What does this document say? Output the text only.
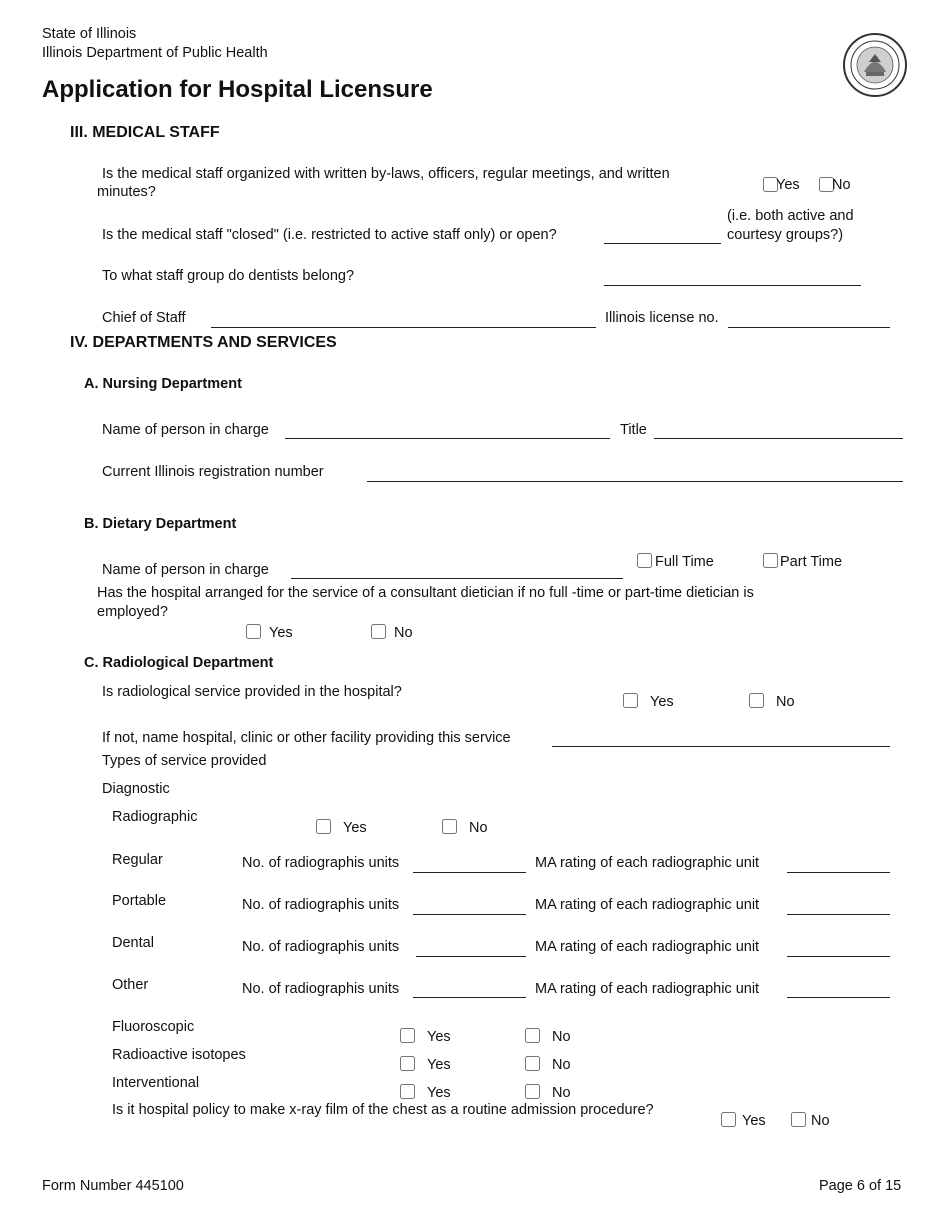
State of Illinois
Illinois Department of Public Health
Application for Hospital Licensure
III. MEDICAL STAFF
Is the medical staff organized with written by-laws, officers, regular meetings, and written
minutes?	Yes No
Is the medical staff "closed" (i.e. restricted to active staff only) or open?
(i.e. both active and
courtesy groups?)
To what staff group do dentists belong?
Chief of Staff	Illinois license no.
IV. DEPARTMENTS AND SERVICES
A. Nursing Department
Name of person in charge	Title
Current Illinois registration number
B. Dietary Department
Full Time	Part Time
Name of person in charge
Has the hospital arranged for the service of a consultant dietician if no full -time or part-time dietician is
employed?
Yes	No
C. Radiological Department
Is radiological service provided in the hospital?
Yes	No
If not, name hospital, clinic or other facility providing this service
Types of service provided
Diagnostic
Radiographic
Yes	No
Regular	No. of radiographis units	MA rating of each radiographic unit
Portable	No. of radiographis units	MA rating of each radiographic unit
Dental	No. of radiographis units	MA rating of each radiographic unit
Other	No. of radiographis units	MA rating of each radiographic unit
Fluoroscopic
Yes	No
Radioactive isotopes
Yes	No
Interventional
Yes	No
Is it hospital policy to make x-ray film of the chest as a routine admission procedure?
Yes	No
Form Number 445100	Page 6 of 15
